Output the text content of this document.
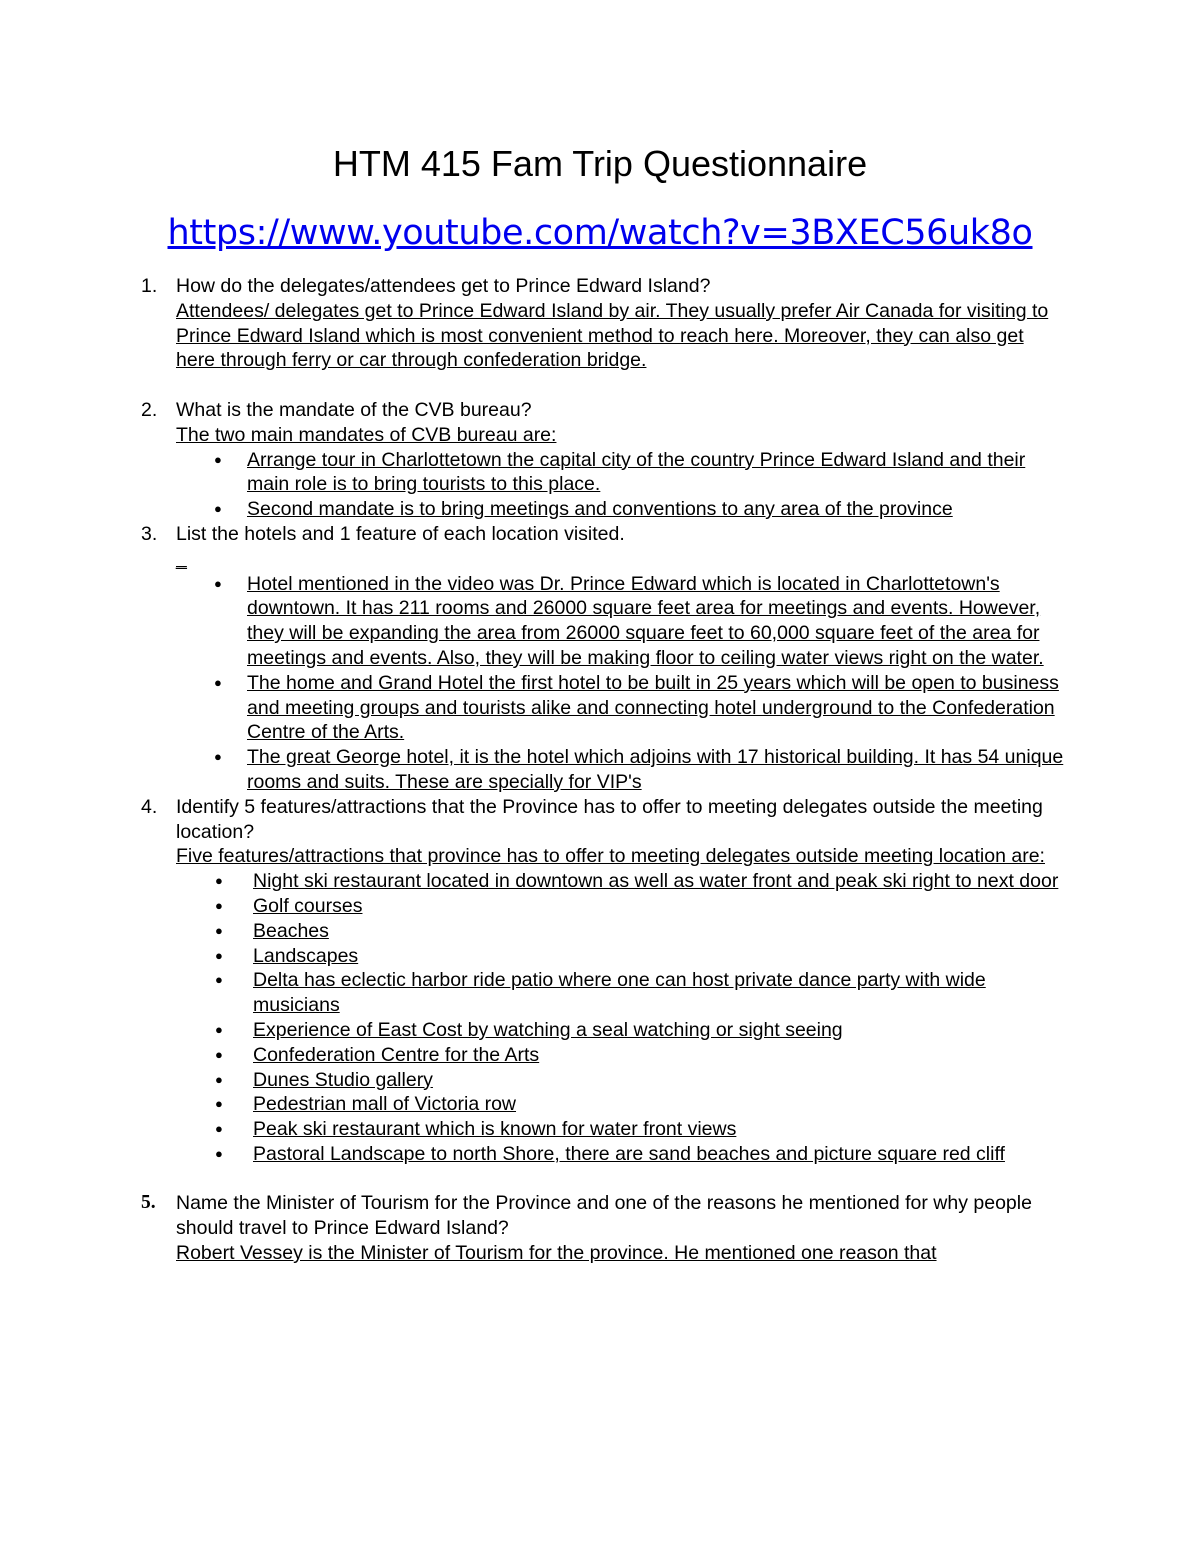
HTM 415 Fam Trip Questionnaire
https://www.youtube.com/watch?v=3BXEC56uk8o
1. How do the delegates/attendees get to Prince Edward Island?
Attendees/ delegates get to Prince Edward Island by air. They usually prefer Air Canada for visiting to Prince Edward Island which is most convenient method to reach here. Moreover, they can also get here through ferry or car through confederation bridge.
2. What is the mandate of the CVB bureau?
The two main mandates of CVB bureau are:
● Arrange tour in Charlottetown the capital city of the country Prince Edward Island and their main role is to bring tourists to this place.
● Second mandate is to bring meetings and conventions to any area of the province
3. List the hotels and 1 feature of each location visited.
_
● Hotel mentioned in the video was Dr. Prince Edward which is located in Charlottetown's downtown. It has 211 rooms and 26000 square feet area for meetings and events. However, they will be expanding the area from 26000 square feet to 60,000 square feet of the area for meetings and events. Also, they will be making floor to ceiling water views right on the water.
● The home and Grand Hotel the first hotel to be built in 25 years which will be open to business and meeting groups and tourists alike and connecting hotel underground to the Confederation Centre of the Arts.
● The great George hotel, it is the hotel which adjoins with 17 historical building. It has 54 unique rooms and suits. These are specially for VIP's
4. Identify 5 features/attractions that the Province has to offer to meeting delegates outside the meeting location?
Five features/attractions that province has to offer to meeting delegates outside meeting location are:
● Night ski restaurant located in downtown as well as water front and peak ski right to next door
● Golf courses
● Beaches
● Landscapes
● Delta has eclectic harbor ride patio where one can host private dance party with wide musicians
● Experience of East Cost by watching a seal watching or sight seeing
● Confederation Centre for the Arts
● Dunes Studio gallery
● Pedestrian mall of Victoria row
● Peak ski restaurant which is known for water front views
● Pastoral Landscape to north Shore, there are sand beaches and picture square red cliff
5. Name the Minister of Tourism for the Province and one of the reasons he mentioned for why people should travel to Prince Edward Island?
Robert Vessey is the Minister of Tourism for the province. He mentioned one reason that
